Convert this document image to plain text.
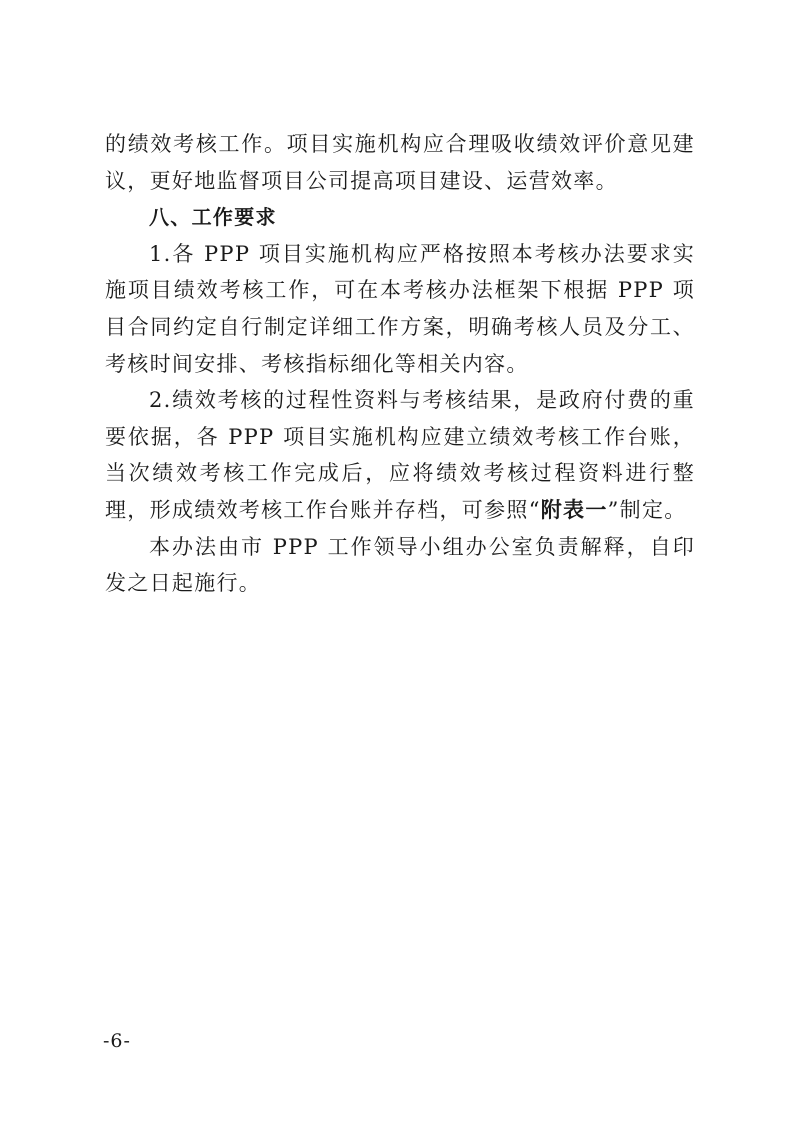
的绩效考核工作。项目实施机构应合理吸收绩效评价意见建议，更好地监督项目公司提高项目建设、运营效率。

八、工作要求

1.各 PPP 项目实施机构应严格按照本考核办法要求实施项目绩效考核工作，可在本考核办法框架下根据 PPP 项目合同约定自行制定详细工作方案，明确考核人员及分工、考核时间安排、考核指标细化等相关内容。

2.绩效考核的过程性资料与考核结果，是政府付费的重要依据，各 PPP 项目实施机构应建立绩效考核工作台账，当次绩效考核工作完成后，应将绩效考核过程资料进行整理，形成绩效考核工作台账并存档，可参照“附表一”制定。

本办法由市 PPP 工作领导小组办公室负责解释，自印发之日起施行。

-6-
